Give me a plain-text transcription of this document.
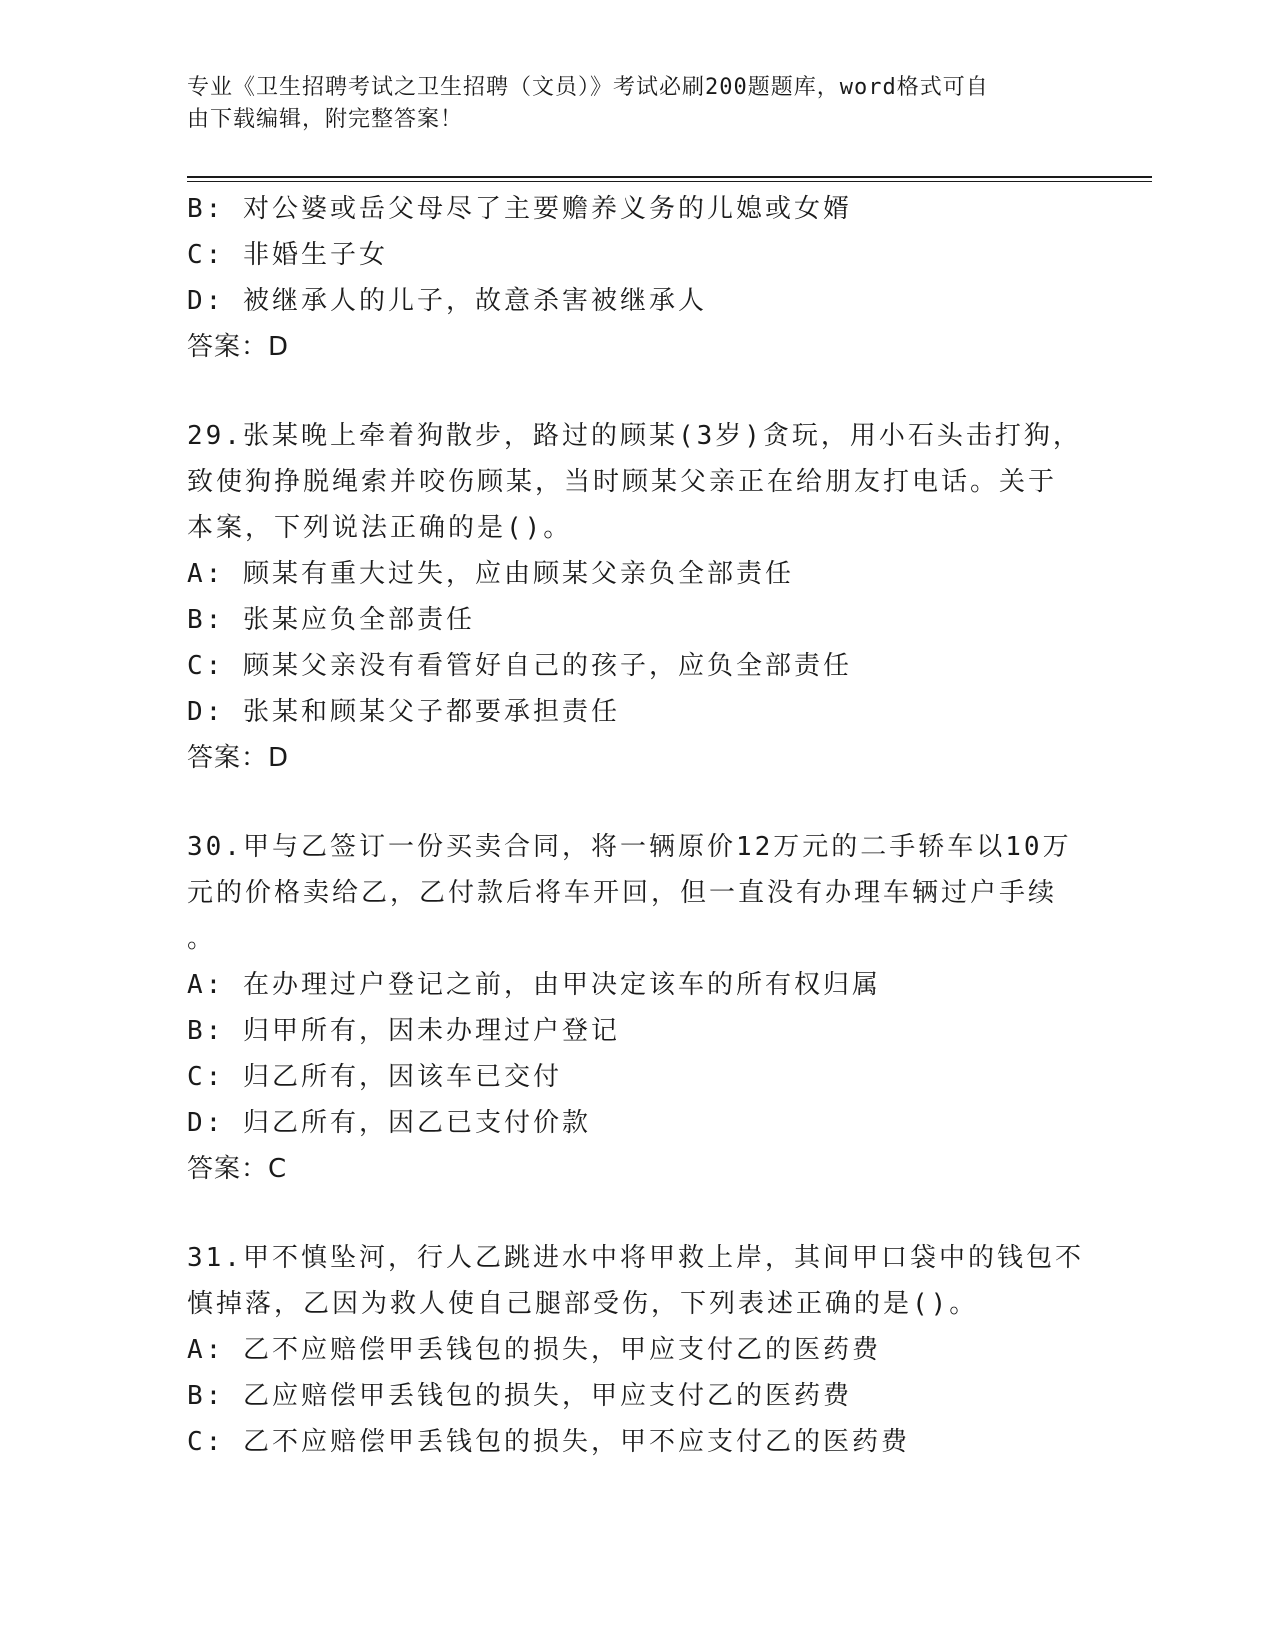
专业《卫生招聘考试之卫生招聘（文员）》考试必刷200题题库，word格式可自
由下载编辑，附完整答案！
B: 对公婆或岳父母尽了主要赡养义务的儿媳或女婿
C: 非婚生子女
D: 被继承人的儿子，故意杀害被继承人
答案：D
29.张某晚上牵着狗散步，路过的顾某(3岁)贪玩，用小石头击打狗，
致使狗挣脱绳索并咬伤顾某，当时顾某父亲正在给朋友打电话。关于
本案，下列说法正确的是()。
A: 顾某有重大过失，应由顾某父亲负全部责任
B: 张某应负全部责任
C: 顾某父亲没有看管好自己的孩子，应负全部责任
D: 张某和顾某父子都要承担责任
答案：D
30.甲与乙签订一份买卖合同，将一辆原价12万元的二手轿车以10万
元的价格卖给乙，乙付款后将车开回，但一直没有办理车辆过户手续
。
A: 在办理过户登记之前，由甲决定该车的所有权归属
B: 归甲所有，因未办理过户登记
C: 归乙所有，因该车已交付
D: 归乙所有，因乙已支付价款
答案：C
31.甲不慎坠河，行人乙跳进水中将甲救上岸，其间甲口袋中的钱包不
慎掉落，乙因为救人使自己腿部受伤，下列表述正确的是()。
A: 乙不应赔偿甲丢钱包的损失，甲应支付乙的医药费
B: 乙应赔偿甲丢钱包的损失，甲应支付乙的医药费
C: 乙不应赔偿甲丢钱包的损失，甲不应支付乙的医药费
